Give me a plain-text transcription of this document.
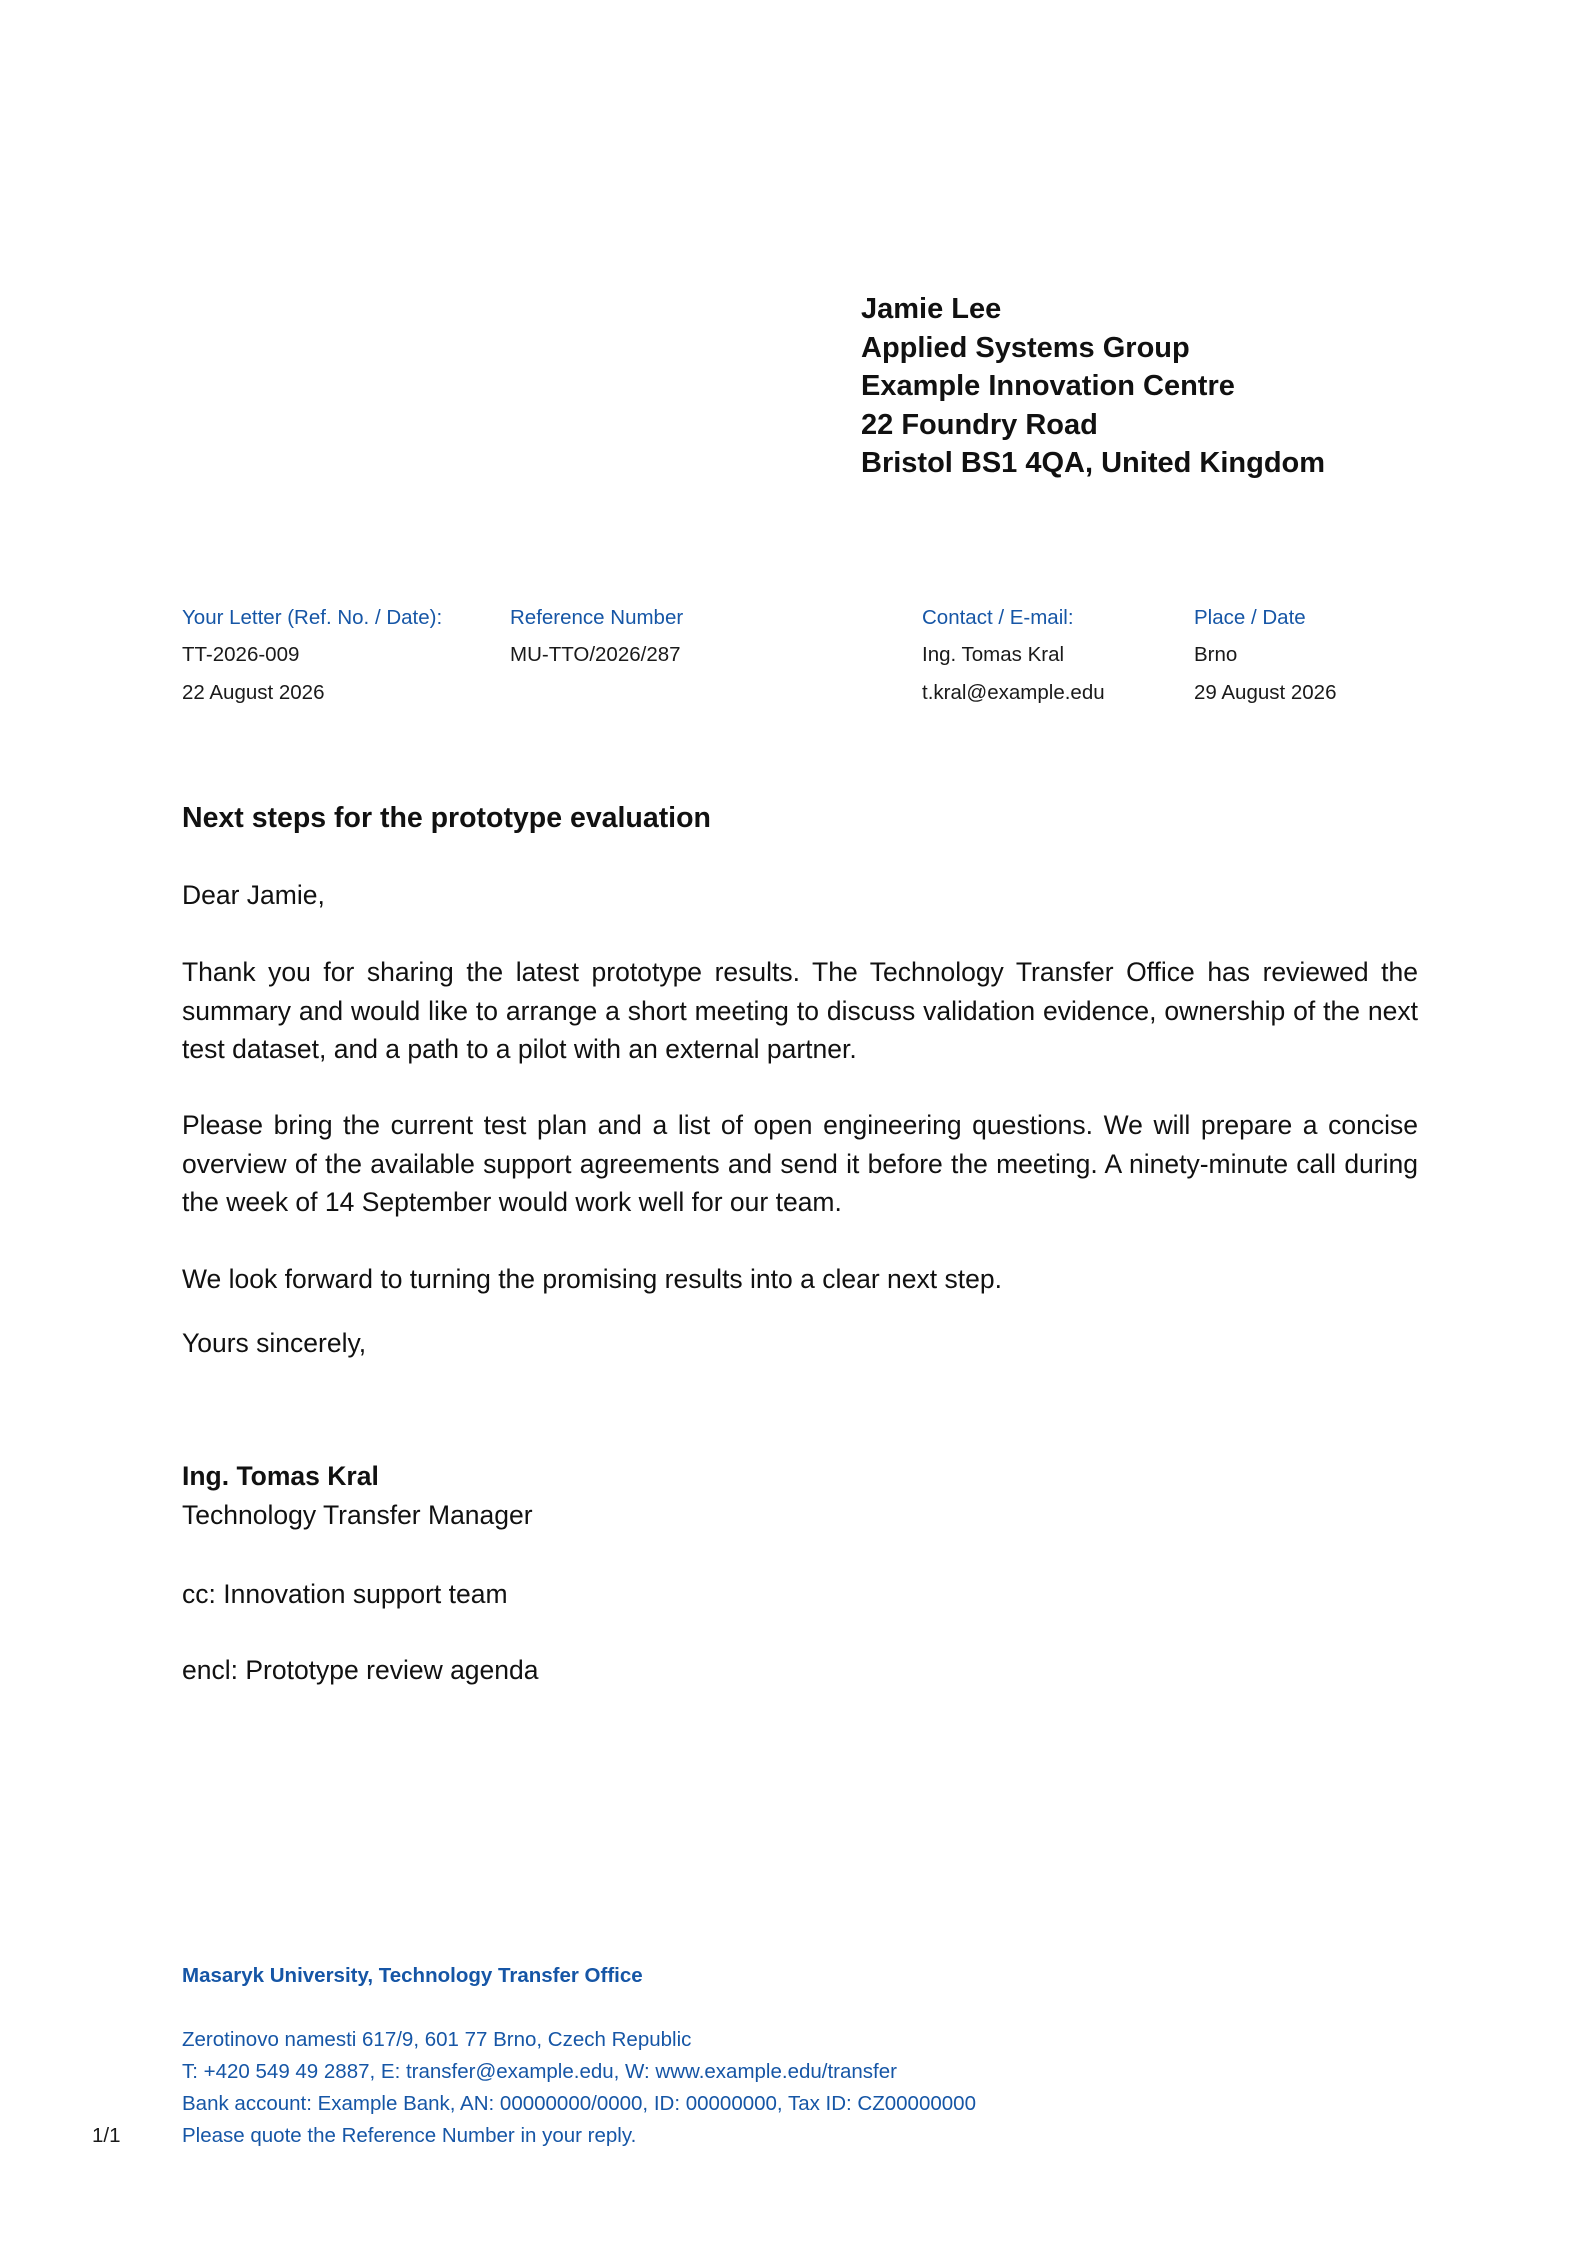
Jamie Lee
Applied Systems Group
Example Innovation Centre
22 Foundry Road
Bristol BS1 4QA, United Kingdom
Your Letter (Ref. No. / Date):
TT-2026-009
22 August 2026
Reference Number
MU-TTO/2026/287
Contact / E-mail:
Ing. Tomas Kral
t.kral@example.edu
Place / Date
Brno
29 August 2026
Next steps for the prototype evaluation
Dear Jamie,
Thank you for sharing the latest prototype results. The Technology Transfer Office has reviewed the summary and would like to arrange a short meeting to discuss validation evidence, ownership of the next test dataset, and a path to a pilot with an external partner.
Please bring the current test plan and a list of open engineering questions. We will prepare a concise overview of the available support agreements and send it before the meeting. A ninety-minute call during the week of 14 September would work well for our team.
We look forward to turning the promising results into a clear next step.
Yours sincerely,
Ing. Tomas Kral
Technology Transfer Manager
cc: Innovation support team
encl: Prototype review agenda
Masaryk University, Technology Transfer Office
Zerotinovo namesti 617/9, 601 77 Brno, Czech Republic
T: +420 549 49 2887, E: transfer@example.edu, W: www.example.edu/transfer
Bank account: Example Bank, AN: 00000000/0000, ID: 00000000, Tax ID: CZ00000000
Please quote the Reference Number in your reply.
1/1
